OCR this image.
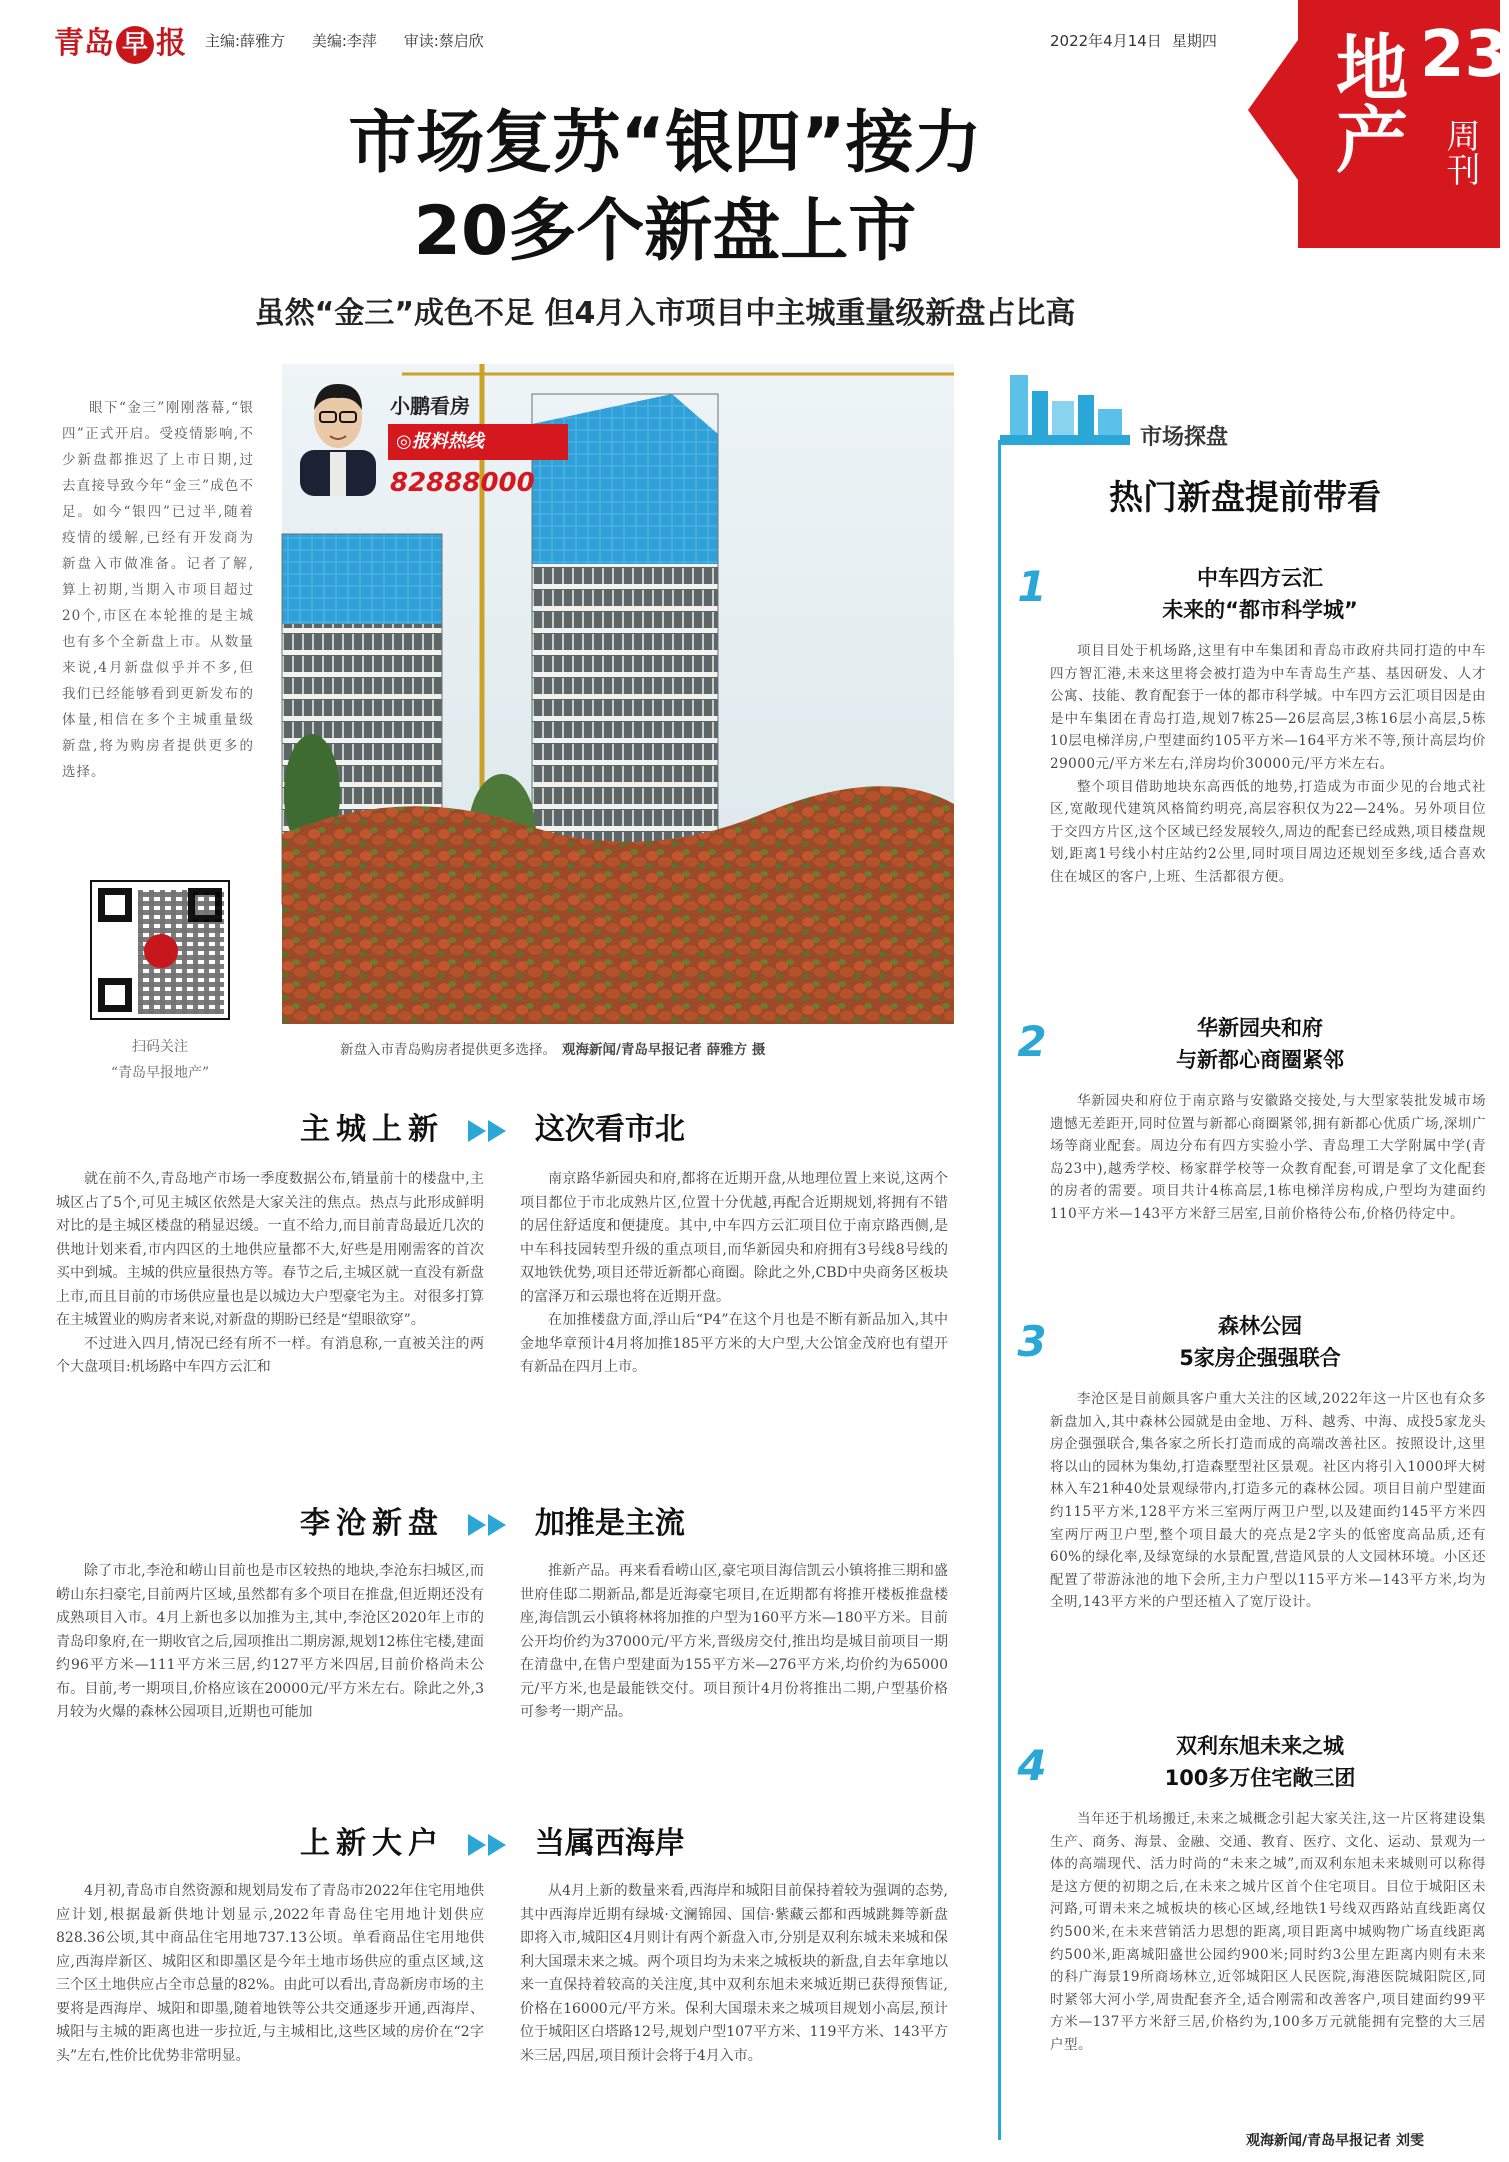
青岛 早 报 主编:薛雅方 美编:李萍 审读:蔡启欣	2022年4月14日 星期四 地产 23
周刊
市场复苏“银四”接力
20多个新盘上市
虽然“金三”成色不足 但4月入市项目中主城重量级新盘占比高
眼下“金三”刚刚落幕,“银四”正式开启。受疫情影响,不少新盘都推迟了上市日期,过去直接导致今年“金三”成色不足。如今“银四”已过半,随着疫情的缓解,已经有开发商为新盘入市做准备。记者了解,算上初期,当期入市项目超过20个,市区在本轮推的是主城也有多个全新盘上市。从数量来说,4月新盘似乎并不多,但我们已经能够看到更新发布的体量,相信在多个主城重量级新盘,将为购房者提供更多的选择。
扫码关注
“青岛早报地产”
小鹏看房
◎报料热线
82888000
新盘入市青岛购房者提供更多选择。 观海新闻/青岛早报记者 薛雅方 摄
主城上新	这次看市北

就在前不久,青岛地产市场一季度数据公布,销量前十的楼盘中,主城区占了5个,可见主城区依然是大家关注的焦点。热点与此形成鲜明对比的是主城区楼盘的稍显迟缓。一直不给力,而目前青岛最近几次的供地计划来看,市内四区的土地供应量都不大,好些是用刚需客的首次买中到城。主城的供应量很热方等。春节之后,主城区就一直没有新盘上市,而且目前的市场供应量也是以城边大户型豪宅为主。对很多打算在主城置业的购房者来说,对新盘的期盼已经是“望眼欲穿”。

不过进入四月,情况已经有所不一样。有消息称,一直被关注的两个大盘项目:机场路中车四方云汇和

南京路华新园央和府,都将在近期开盘,从地理位置上来说,这两个项目都位于市北成熟片区,位置十分优越,再配合近期规划,将拥有不错的居住舒适度和便捷度。其中,中车四方云汇项目位于南京路西侧,是中车科技园转型升级的重点项目,而华新园央和府拥有3号线8号线的双地铁优势,项目还带近新都心商圈。除此之外,CBD中央商务区板块的富泽万和云璟也将在近期开盘。

在加推楼盘方面,浮山后“P4”在这个月也是不断有新品加入,其中金地华章预计4月将加推185平方米的大户型,大公馆金茂府也有望开有新品在四月上市。

李沧新盘	加推是主流

除了市北,李沧和崂山目前也是市区较热的地块,李沧东扫城区,而崂山东扫豪宅,目前两片区域,虽然都有多个项目在推盘,但近期还没有成熟项目入市。4月上新也多以加推为主,其中,李沧区2020年上市的青岛印象府,在一期收官之后,园项推出二期房源,规划12栋住宅楼,建面约96平方米—111平方米三居,约127平方米四居,目前价格尚未公布。目前,考一期项目,价格应该在20000元/平方米左右。除此之外,3月较为火爆的森林公园项目,近期也可能加

推新产品。再来看看崂山区,豪宅项目海信凯云小镇将推三期和盛世府佳邸二期新品,都是近海豪宅项目,在近期都有将推开楼板推盘楼座,海信凯云小镇将林将加推的户型为160平方米—180平方米。目前公开均价约为37000元/平方米,晋级房交付,推出均是城目前项目一期在清盘中,在售户型建面为155平方米—276平方米,均价约为65000元/平方米,也是最能铁交付。项目预计4月份将推出二期,户型基价格可参考一期产品。

上新大户	当属西海岸

4月初,青岛市自然资源和规划局发布了青岛市2022年住宅用地供应计划,根据最新供地计划显示,2022年青岛住宅用地计划供应828.36公顷,其中商品住宅用地737.13公顷。单看商品住宅用地供应,西海岸新区、城阳区和即墨区是今年土地市场供应的重点区域,这三个区土地供应占全市总量的82%。由此可以看出,青岛新房市场的主要将是西海岸、城阳和即墨,随着地铁等公共交通逐步开通,西海岸、城阳与主城的距离也进一步拉近,与主城相比,这些区域的房价在“2字头”左右,性价比优势非常明显。

从4月上新的数量来看,西海岸和城阳目前保持着较为强调的态势,其中西海岸近期有绿城·文澜锦园、国信·紫藏云都和西城跳舞等新盘即将入市,城阳区4月则计有两个新盘入市,分别是双利东城未来城和保利大国璟未来之城。两个项目均为未来之城板块的新盘,自去年拿地以来一直保持着较高的关注度,其中双利东旭未来城近期已获得预售证,价格在16000元/平方米。保利大国璟未来之城项目规划小高层,预计位于城阳区白塔路12号,规划户型107平方米、119平方米、143平方米三居,四居,项目预计会将于4月入市。

市场探盘
热门新盘提前带看
1	中车四方云汇
未来的“都市科学城”

项目目处于机场路,这里有中车集团和青岛市政府共同打造的中车四方智汇港,未来这里将会被打造为中车青岛生产基、基因研发、人才公寓、技能、教育配套于一体的都市科学城。中车四方云汇项目因是由是中车集团在青岛打造,规划7栋25—26层高层,3栋16层小高层,5栋10层电梯洋房,户型建面约105平方米—164平方米不等,预计高层均价29000元/平方米左右,洋房均价30000元/平方米左右。

整个项目借助地块东高西低的地势,打造成为市面少见的台地式社区,宽敞现代建筑风格简约明亮,高层容积仅为22—24%。另外项目位于交四方片区,这个区域已经发展较久,周边的配套已经成熟,项目楼盘规划,距离1号线小村庄站约2公里,同时项目周边还规划至多线,适合喜欢住在城区的客户,上班、生活都很方便。

2	华新园央和府
与新都心商圈紧邻

华新园央和府位于南京路与安徽路交接处,与大型家装批发城市场遗憾无差距开,同时位置与新都心商圈紧邻,拥有新都心优质广场,深圳广场等商业配套。周边分布有四方实验小学、青岛理工大学附属中学(青岛23中),越秀学校、杨家群学校等一众教育配套,可谓是拿了文化配套的房者的需要。项目共计4栋高层,1栋电梯洋房构成,户型均为建面约110平方米—143平方米舒三居室,目前价格待公布,价格仍待定中。

3	森林公园
5家房企强强联合

李沧区是目前颇具客户重大关注的区域,2022年这一片区也有众多新盘加入,其中森林公园就是由金地、万科、越秀、中海、成投5家龙头房企强强联合,集各家之所长打造而成的高端改善社区。按照设计,这里将以山的园林为集幼,打造森墅型社区景观。社区内将引入1000坪大树林入车21种40处景观绿带内,打造多元的森林公园。项目目前户型建面约115平方米,128平方米三室两厅两卫户型,以及建面约145平方米四室两厅两卫户型,整个项目最大的亮点是2字头的低密度高品质,还有60%的绿化率,及绿宽绿的水景配置,营造风景的人文园林环境。小区还配置了带游泳池的地下会所,主力户型以115平方米—143平方米,均为全明,143平方米的户型还植入了宽厅设计。

4	双利东旭未来之城
100多万住宅敞三团

当年还于机场搬迁,未来之城概念引起大家关注,这一片区将建设集生产、商务、海景、金融、交通、教育、医疗、文化、运动、景观为一体的高端现代、活力时尚的“未来之城”,而双利东旭未来城则可以称得是这方便的初期之后,在未来之城片区首个住宅项目。目位于城阳区未河路,可谓未来之城板块的核心区域,经地铁1号线双西路站直线距离仅约500米,在未来营销活力思想的距离,项目距离中城购物广场直线距离约500米,距离城阳盛世公园约900米;同时约3公里左距离内则有未来的科广海景19所商场林立,近邻城阳区人民医院,海港医院城阳院区,同时紧邻大河小学,周贵配套齐全,适合刚需和改善客户,项目建面约99平方米—137平方米舒三居,价格约为,100多万元就能拥有完整的大三居户型。

观海新闻/青岛早报记者 刘雯
